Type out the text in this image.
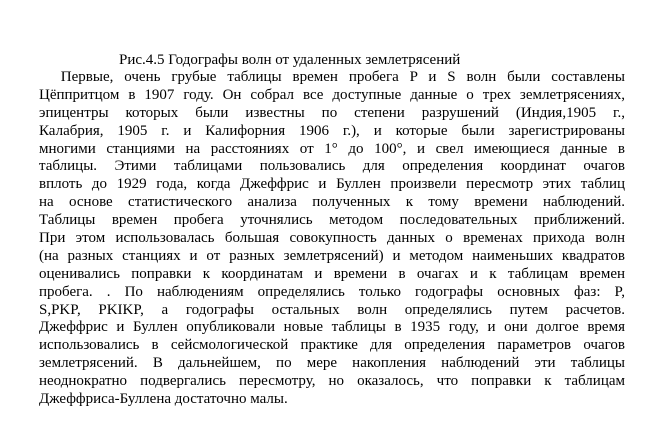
Рис.4.5 Годографы волн от удаленных землетрясений

Первые, очень грубые таблицы времен пробега P и S волн были составлены
Цёппритцом в 1907 году. Он собрал все доступные данные о трех землетрясениях,
эпицентры которых были известны по степени разрушений (Индия,1905 г.,
Калабрия, 1905 г. и Калифорния 1906 г.), и которые были зарегистрированы
многими станциями на расстояниях от 1° до 100°, и свел имеющиеся данные в
таблицы. Этими таблицами пользовались для определения координат очагов
вплоть до 1929 года, когда Джеффрис и Буллен произвели пересмотр этих таблиц
на основе статистического анализа полученных к тому времени наблюдений.
Таблицы времен пробега уточнялись методом последовательных приближений.
При этом использовалась большая совокупность данных о временах прихода волн
(на разных станциях и от разных землетрясений) и методом наименьших квадратов
оценивались поправки к координатам и времени в очагах и к таблицам времен
пробега. . По наблюдениям определялись только годографы основных фаз: P,
S,PKP, PKIKP, а годографы остальных волн определялись путем расчетов.
Джеффрис и Буллен опубликовали новые таблицы в 1935 году, и они долгое время
использовались в сейсмологической практике для определения параметров очагов
землетрясений. В дальнейшем, по мере накопления наблюдений эти таблицы
неоднократно подвергались пересмотру, но оказалось, что поправки к таблицам
Джеффриса-Буллена достаточно малы.
